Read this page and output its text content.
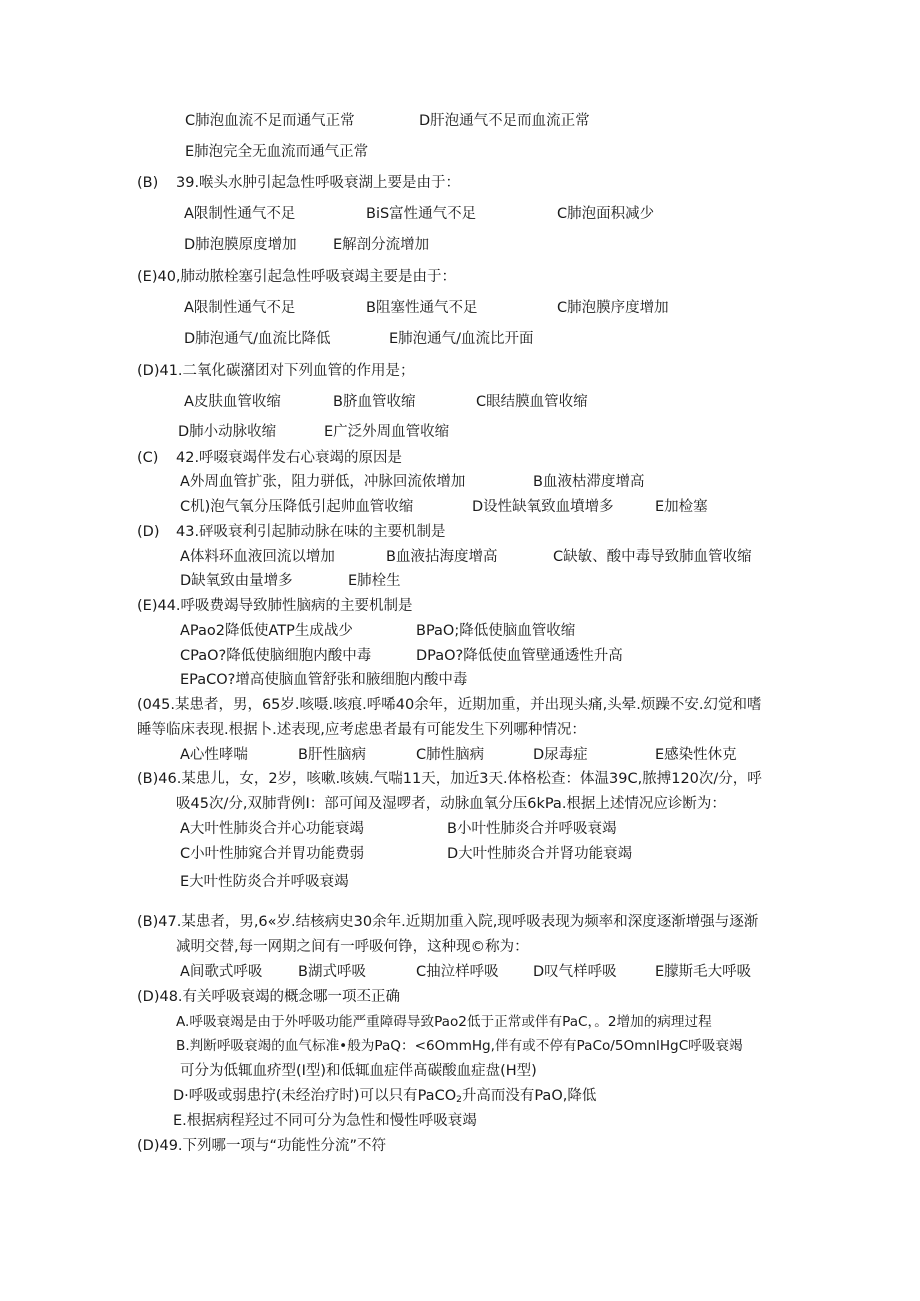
C肺泡血流不足而通气正常	D肝泡通气不足而血流正常
E肺泡完全无血流而通气正常
(B) 39.喉头水肿引起急性呼吸衰湖上要是由于：
A限制性通气不足	BiS富性通气不足	C肺泡面积减少
D肺泡膜原度增加	E解剖分流增加
(E)40,肺动脓栓塞引起急性呼吸衰竭主要是由于：
A限制性通气不足	B阻塞性通气不足	C肺泡膜序度增加
D肺泡通气/血流比降低	E肺泡通气/血流比开面
(D)41.二氧化碳潴团对下列血管的作用是；
A皮肤血管收缩	B脐血管收缩	C眼结膜血管收缩
D肺小动脉收缩	E广泛外周血管收缩
(C) 42.呼啜衰竭伴发右心衰竭的原因是
A外周血管扩张，阻力骈低，冲脉回流侬增加	B血液枯滞度增高
C机)泡气氧分压降低引起帅血管收缩	D设性缺氧致血墳增多	E加检塞
(D) 43.砰吸衰利引起肺动脉在味的主要机制是
A体料环血液回流以增加	B血液拈海度增高	C缺敏、酸中毒导致肺血管收缩
D缺氧致由量增多	E肺栓生
(E)44.呼吸费竭导致肺性脑病的主要机制是
APao2降低使ATP生成战少	BPaO;降低使脑血管收缩
CPaO?降低使脑细胞内酸中毒	DPaO?降低使血管壁通透性升高
EPaCO?增高使脑血管舒张和腋细胞内酸中毒
(045.某患者，男，65岁.咳嗫.咳痕.呼唏40余年，近期加重，并出现头痛,头晕.烦躁不安.幻觉和嗜
睡等临床表现.根据卜.述表现,应考虑患者最有可能发生下列哪种情况：
A心性哮喘	B肝性脑病	C肺性脑病	D尿毒症	E感染性休克
(B)46.某患儿，女，2岁，咳嗽.咳姨.气喘11天，加近3天.体格松查：体温39C,脓搏120次/分，呼
吸45次/分,双肺背例I：部可闻及湿啰者，动脉血氧分压6kPa.根据上述情况应诊断为：
A大叶性肺炎合并心功能衰竭	B小叶性肺炎合并呼吸衰竭
C小叶性肺窕合并胃功能费弱	D大叶性肺炎合并肾功能衰竭
E大叶性防炎合并呼吸衰竭
(B)47.某患者，男,6«岁.结核病史30余年.近期加重入院,现呼吸表现为频率和深度逐渐增强与逐渐
减明交替,每一网期之间有一呼吸何铮，这种现©称为：
A间歌式呼吸 B湖式呼吸	C抽泣样呼吸 D叹气样呼吸	E朦斯毛大呼吸
(D)48.有关呼吸衰竭的概念哪一项丕正确
A.呼吸衰竭是由于外呼吸功能严重障碍导致Pao2低于正常或伴有PaC，。2增加的病理过程
B.判断呼吸衰竭的血气标准•般为PaQ：<6OmmHg,伴有或不停有PaCo/5OmnlHgC呼吸衰竭
可分为低辄血疥型(I型)和低辄血症伴髙碳酸血症盘(H型)
D·呼吸或弱患拧(未经治疗时)可以只有PaCO$_2$升高而没有PaO,降低
E.根据病程羟过不同可分为急性和慢性呼吸衰竭
(D)49.下列哪一项与“功能性分流”不符
